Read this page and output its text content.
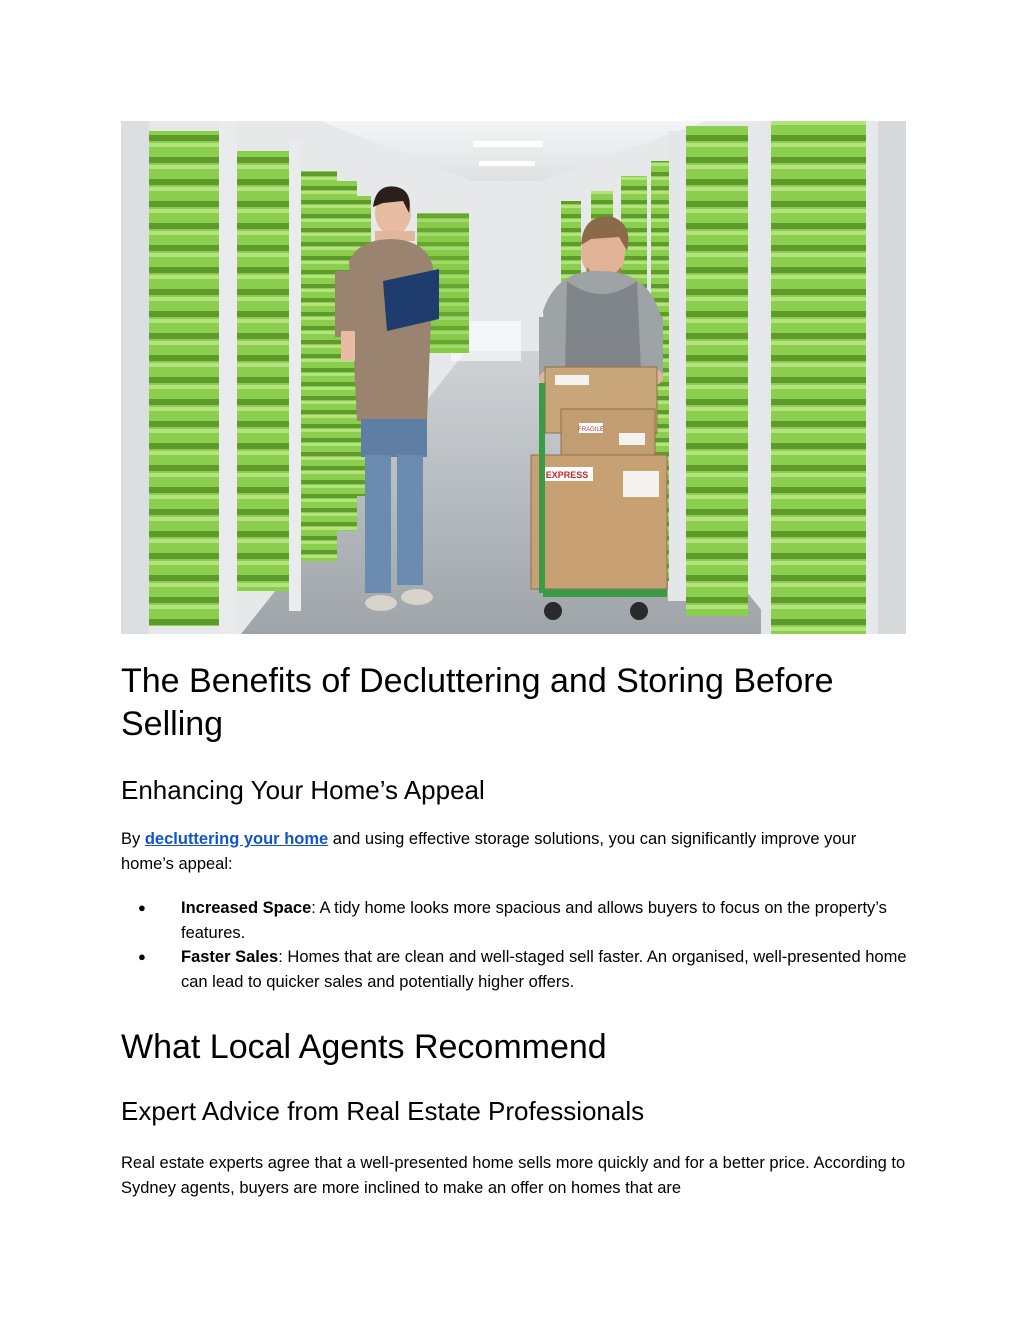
FRAGILE
EXPRESS
The Benefits of Decluttering and Storing Before Selling
Enhancing Your Home’s Appeal

By decluttering your home and using effective storage solutions, you can significantly improve your home’s appeal:

● Increased Space: A tidy home looks more spacious and allows buyers to focus on the property’s features.
● Faster Sales: Homes that are clean and well-staged sell faster. An organised, well-presented home can lead to quicker sales and potentially higher offers.
What Local Agents Recommend
Expert Advice from Real Estate Professionals

Real estate experts agree that a well-presented home sells more quickly and for a better price. According to Sydney agents, buyers are more inclined to make an offer on homes that are
